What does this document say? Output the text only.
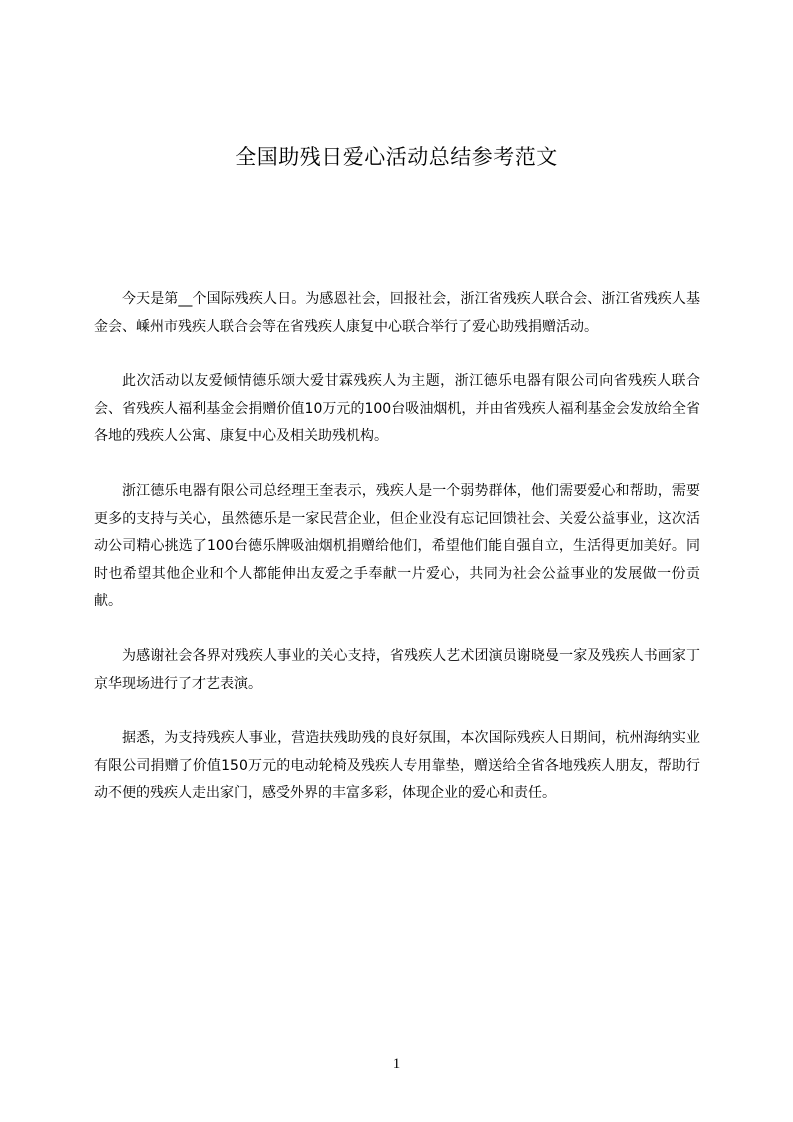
全国助残日爱心活动总结参考范文

今天是第__个国际残疾人日。为感恩社会，回报社会，浙江省残疾人联合会、浙江省残疾人基金会、嵊州市残疾人联合会等在省残疾人康复中心联合举行了爱心助残捐赠活动。

此次活动以友爱倾情德乐颂大爱甘霖残疾人为主题，浙江德乐电器有限公司向省残疾人联合会、省残疾人福利基金会捐赠价值10万元的100台吸油烟机，并由省残疾人福利基金会发放给全省各地的残疾人公寓、康复中心及相关助残机构。

浙江德乐电器有限公司总经理王奎表示，残疾人是一个弱势群体，他们需要爱心和帮助，需要更多的支持与关心，虽然德乐是一家民营企业，但企业没有忘记回馈社会、关爱公益事业，这次活动公司精心挑选了100台德乐牌吸油烟机捐赠给他们，希望他们能自强自立，生活得更加美好。同时也希望其他企业和个人都能伸出友爱之手奉献一片爱心，共同为社会公益事业的发展做一份贡献。

为感谢社会各界对残疾人事业的关心支持，省残疾人艺术团演员谢晓曼一家及残疾人书画家丁京华现场进行了才艺表演。

据悉，为支持残疾人事业，营造扶残助残的良好氛围，本次国际残疾人日期间，杭州海纳实业有限公司捐赠了价值150万元的电动轮椅及残疾人专用靠垫，赠送给全省各地残疾人朋友，帮助行动不便的残疾人走出家门，感受外界的丰富多彩，体现企业的爱心和责任。

1
